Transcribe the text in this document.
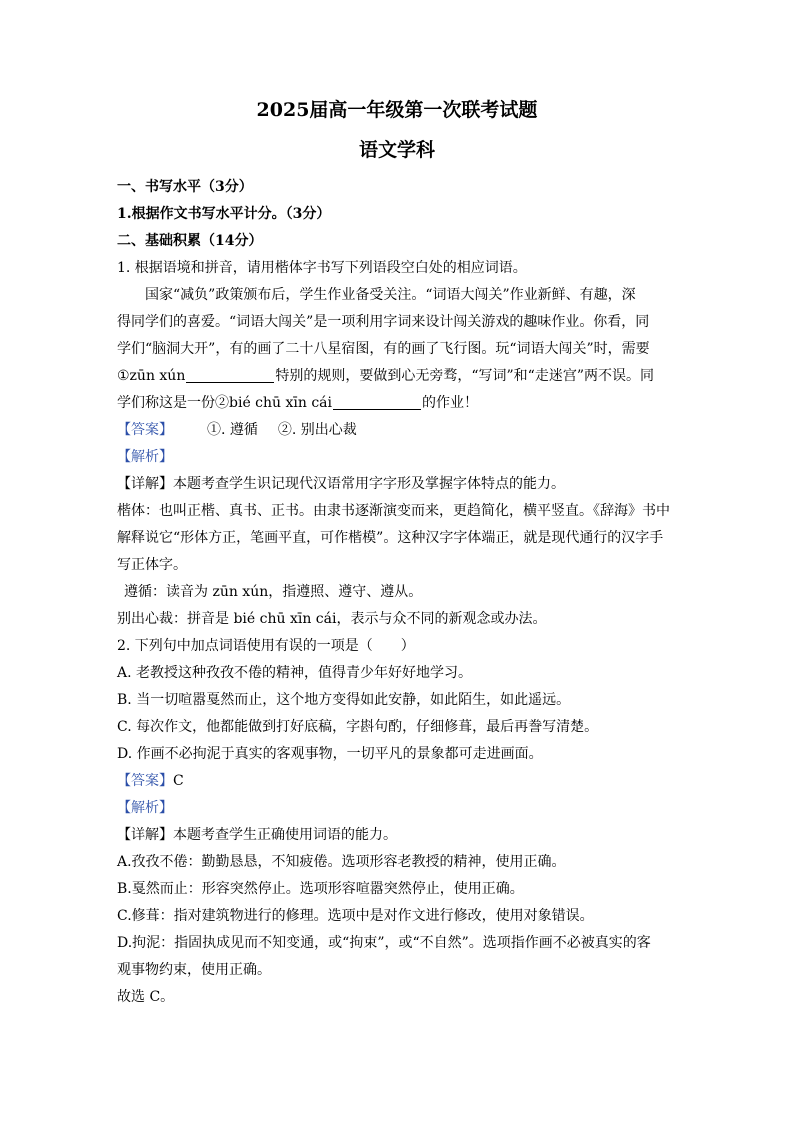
2025届高一年级第一次联考试题
语文学科
一、书写水平（3分）
1.根据作文书写水平计分。（3分）
二、基础积累（14分）
1. 根据语境和拼音，请用楷体字书写下列语段空白处的相应词语。
国家“减负”政策颁布后，学生作业备受关注。“词语大闯关”作业新鲜、有趣，深
得同学们的喜爱。“词语大闯关”是一项利用字词来设计闯关游戏的趣味作业。你看，同
学们“脑洞大开”，有的画了二十八星宿图，有的画了飞行图。玩“词语大闯关”时，需要
①zūn xún	特别的规则，要做到心无旁骛，“写词”和“走迷宫”两不误。同
学们称这是一份②bié chū xīn cái	的作业！
【答案】 ①. 遵循 ②. 别出心裁
【解析】
【详解】本题考查学生识记现代汉语常用字字形及掌握字体特点的能力。
楷体：也叫正楷、真书、正书。由隶书逐渐演变而来，更趋简化，横平竖直。《辞海》书中
解释说它“形体方正，笔画平直，可作楷模”。这种汉字字体端正，就是现代通行的汉字手
写正体字。
遵循：读音为 zūn xún，指遵照、遵守、遵从。
别出心裁：拼音是 bié chū xīn cái，表示与众不同的新观念或办法。
2. 下列句中加点词语使用有误的一项是（　　）
A. 老教授这种孜孜不倦的精神，值得青少年好好地学习。
B. 当一切喧嚣戛然而止，这个地方变得如此安静，如此陌生，如此遥远。
C. 每次作文，他都能做到打好底稿，字斟句酌，仔细修葺，最后再誊写清楚。
D. 作画不必拘泥于真实的客观事物，一切平凡的景象都可走进画面。
【答案】C
【解析】
【详解】本题考查学生正确使用词语的能力。
A.孜孜不倦：勤勤恳恳，不知疲倦。选项形容老教授的精神，使用正确。
B.戛然而止：形容突然停止。选项形容喧嚣突然停止，使用正确。
C.修葺：指对建筑物进行的修理。选项中是对作文进行修改，使用对象错误。
D.拘泥：指固执成见而不知变通，或“拘束”，或“不自然”。选项指作画不必被真实的客
观事物约束，使用正确。
故选 C。
